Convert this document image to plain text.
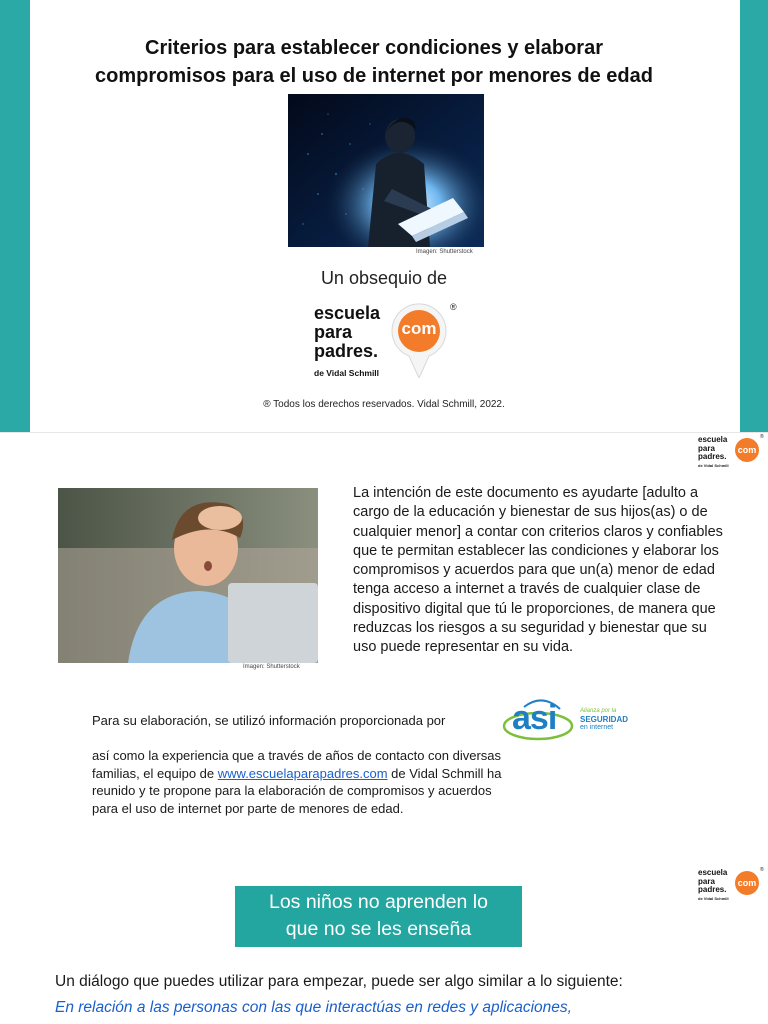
Criterios para establecer condiciones y elaborar
compromisos para el uso de internet por menores de edad
Imagen: Shutterstock
Un obsequio de
escuela
para
padres.
com
®
de Vidal Schmill
® Todos los derechos reservados. Vidal Schmill, 2022.
escuela
para
padres.
com
®
de Vidal Schmill
Imagen: Shutterstock
La intención de este documento es ayudarte [adulto a cargo de la educación y bienestar de sus hijos(as) o de cualquier menor] a contar con criterios claros y confiables que te permitan establecer las condiciones y elaborar los compromisos y acuerdos para que un(a) menor de edad tenga acceso a internet a través de cualquier clase de dispositivo digital que tú le proporciones, de manera que reduzcas los riesgos a su seguridad y bienestar que su uso puede representar en su vida.
Para su elaboración, se utilizó información proporcionada por	asi	Alianza por la
SEGURIDAD
en internet
así como la experiencia que a través de años de contacto con diversas familias, el equipo de www.escuelaparapadres.com de Vidal Schmill ha reunido y te propone para la elaboración de compromisos y acuerdos para el uso de internet por parte de menores de edad.
escuela
para
padres.
com
®
de Vidal Schmill
Los niños no aprenden lo
que no se les enseña
Un diálogo que puedes utilizar para empezar, puede ser algo similar a lo siguiente:
En relación a las personas con las que interactúas en redes y aplicaciones,
